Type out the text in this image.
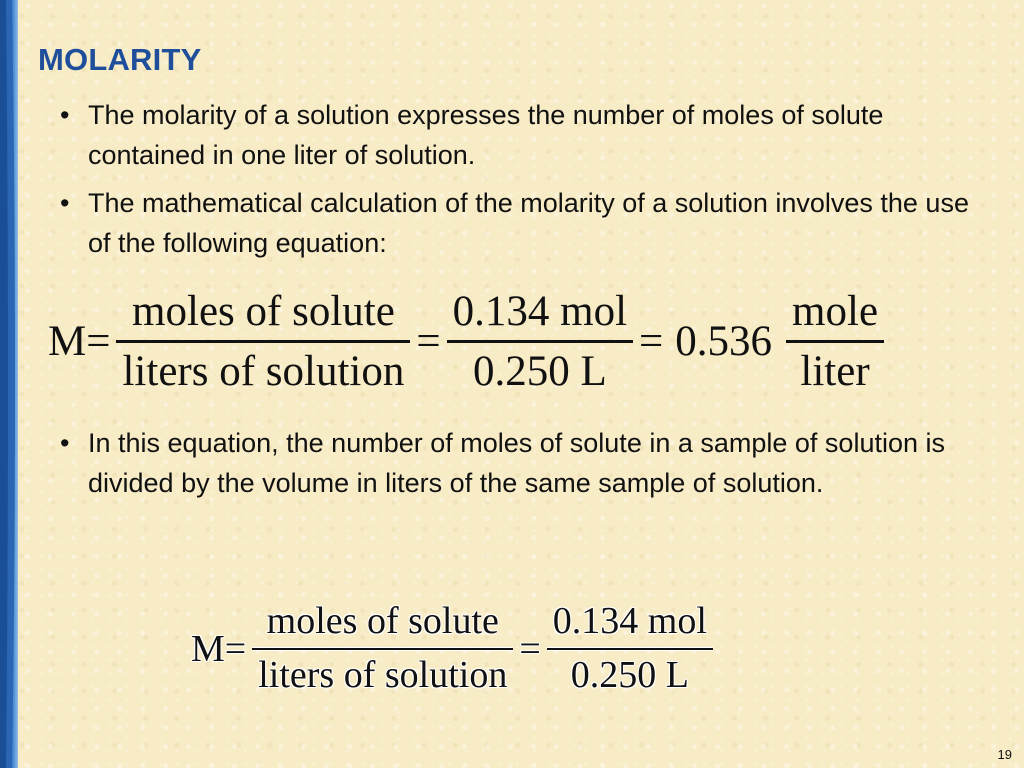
MOLARITY
• The molarity of a solution expresses the number of moles of solute contained in one liter of solution.
• The mathematical calculation of the molarity of a solution involves the use of the following equation:
$M= \frac{\text{moles of solute}}{\text{liters of solution}} = \frac{\text{0.134 mol}}{0.250 L} = 0.536 \frac{\text{mole}}{\text{liter}}$
• In this equation, the number of moles of solute in a sample of solution is divided by the volume in liters of the same sample of solution.
$M= \frac{\text{moles of solute}}{\text{liters of solution}} = \frac{\text{0.134 mol}}{0.250 L}$
19
